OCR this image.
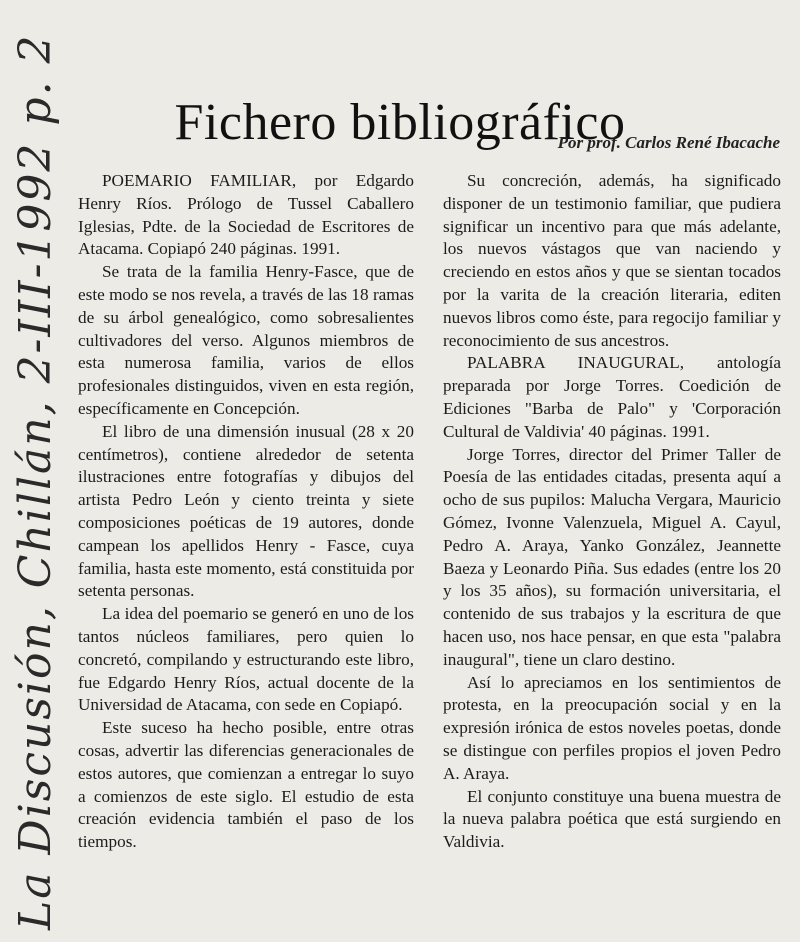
Fichero bibliográfico
Por prof. Carlos René Ibacache
La Discusión, Chillán, 2-III-1992 p. 2	POEMARIO FAMILIAR, por Edgardo Henry Ríos. Prólogo de Tussel Caballero Iglesias, Pdte. de la Sociedad de Escritores de Atacama. Copiapó 240 páginas. 1991.

Se trata de la familia Henry-Fasce, que de este modo se nos revela, a través de las 18 ramas de su árbol genealógico, como sobresalientes cultivadores del verso. Algunos miembros de esta numerosa familia, varios de ellos profesionales distinguidos, viven en esta región, específicamente en Concepción.

El libro de una dimensión inusual (28 x 20 centímetros), contiene alrededor de setenta ilustraciones entre fotografías y dibujos del artista Pedro León y ciento treinta y siete composiciones poéticas de 19 autores, donde campean los apellidos Henry - Fasce, cuya familia, hasta este momento, está constituida por setenta personas.

La idea del poemario se generó en uno de los tantos núcleos familiares, pero quien lo concretó, compilando y estructurando este libro, fue Edgardo Henry Ríos, actual docente de la Universidad de Atacama, con sede en Copiapó.

Este suceso ha hecho posible, entre otras cosas, advertir las diferencias generacionales de estos autores, que comienzan a entregar lo suyo a comienzos de este siglo. El estudio de esta creación evidencia también el paso de los tiempos.

Su concreción, además, ha significado disponer de un testimonio familiar, que pudiera significar un incentivo para que más adelante, los nuevos vástagos que van naciendo y creciendo en estos años y que se sientan tocados por la varita de la creación literaria, editen nuevos libros como éste, para regocijo familiar y reconocimiento de sus ancestros.

PALABRA INAUGURAL, antología preparada por Jorge Torres. Coedición de Ediciones "Barba de Palo" y 'Corporación Cultural de Valdivia' 40 páginas. 1991.

Jorge Torres, director del Primer Taller de Poesía de las entidades citadas, presenta aquí a ocho de sus pupilos: Malucha Vergara, Mauricio Gómez, Ivonne Valenzuela, Miguel A. Cayul, Pedro A. Araya, Yanko González, Jeannette Baeza y Leonardo Piña. Sus edades (entre los 20 y los 35 años), su formación universitaria, el contenido de sus trabajos y la escritura de que hacen uso, nos hace pensar, en que esta "palabra inaugural", tiene un claro destino.

Así lo apreciamos en los sentimientos de protesta, en la preocupación social y en la expresión irónica de estos noveles poetas, donde se distingue con perfiles propios el joven Pedro A. Araya.

El conjunto constituye una buena muestra de la nueva palabra poética que está surgiendo en Valdivia.
